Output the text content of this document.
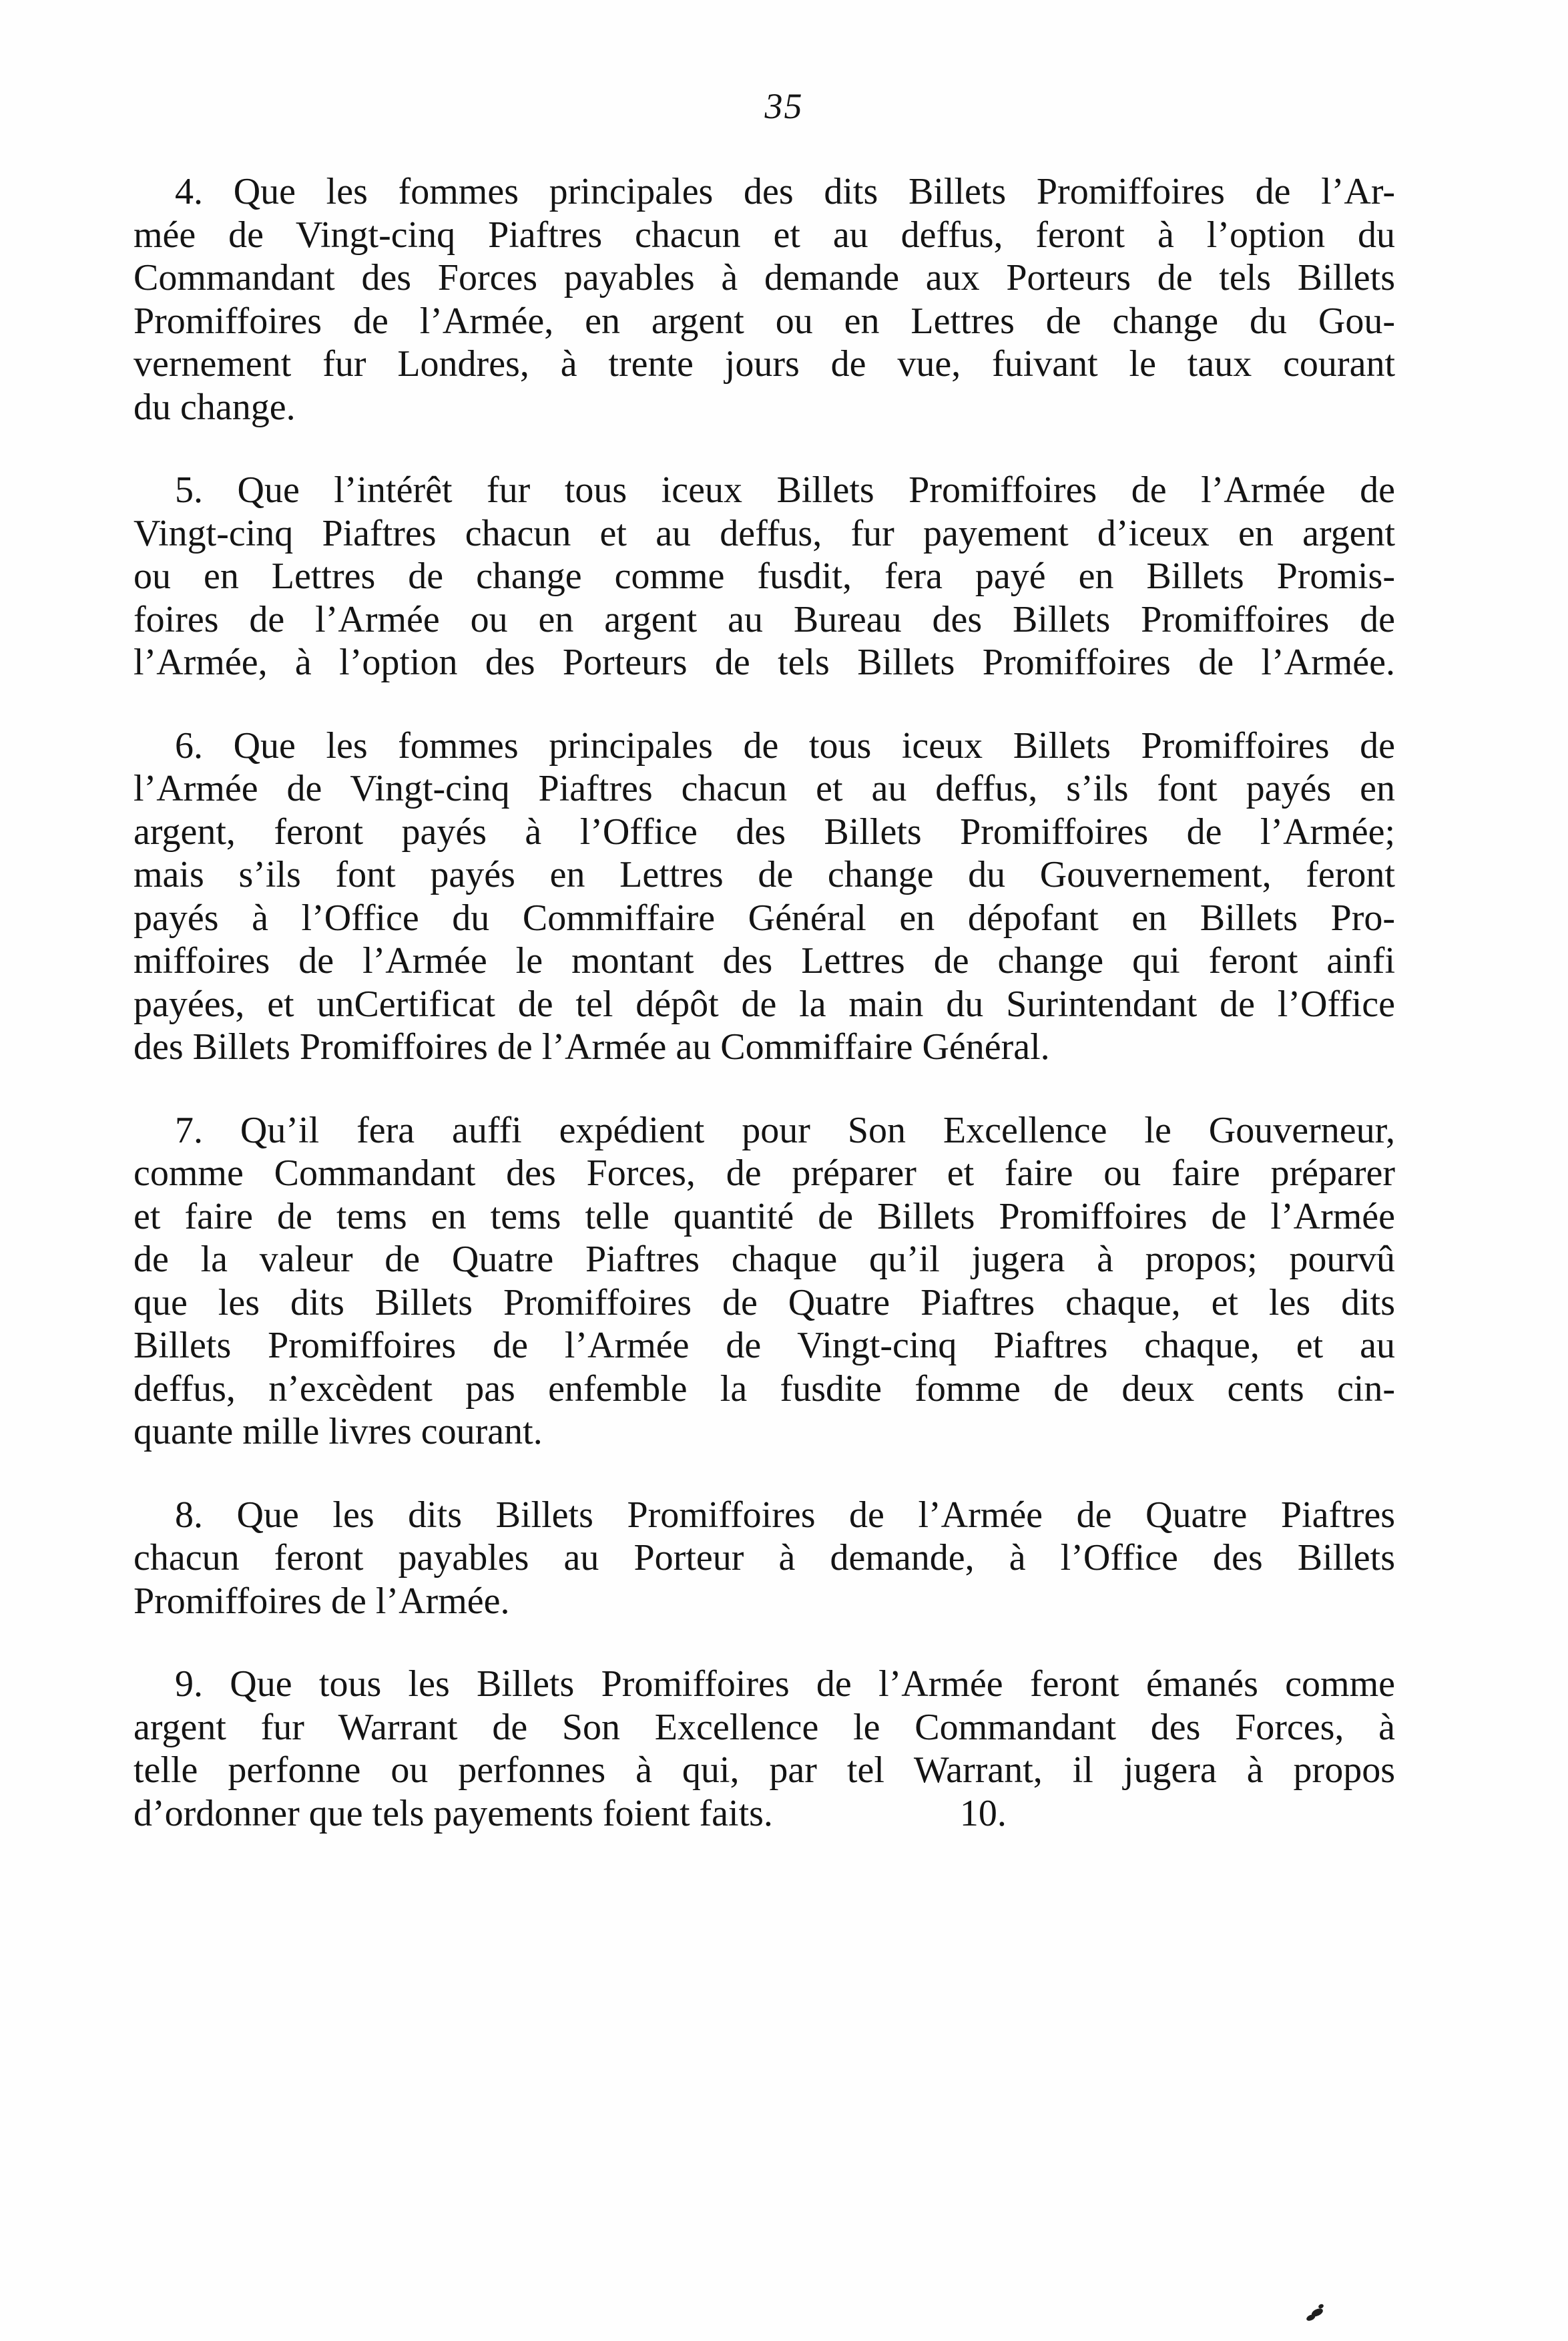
35
4. Que les fommes principales des dits Billets Promiffoires de l’Ar-
mée de Vingt-cinq Piaftres chacun et au deffus, feront à l’option du
Commandant des Forces payables à demande aux Porteurs de tels Billets
Promiffoires de l’Armée, en argent ou en Lettres de change du Gou-
vernement fur Londres, à trente jours de vue, fuivant le taux courant
du change.
5. Que l’intérêt fur tous iceux Billets Promiffoires de l’Armée de
Vingt-cinq Piaftres chacun et au deffus, fur payement d’iceux en argent
ou en Lettres de change comme fusdit, fera payé en Billets Promis-
foires de l’Armée ou en argent au Bureau des Billets Promiffoires de
l’Armée, à l’option des Porteurs de tels Billets Promiffoires de l’Armée.
6. Que les fommes principales de tous iceux Billets Promiffoires de
l’Armée de Vingt-cinq Piaftres chacun et au deffus, s’ils font payés en
argent, feront payés à l’Office des Billets Promiffoires de l’Armée;
mais s’ils font payés en Lettres de change du Gouvernement, feront
payés à l’Office du Commiffaire Général en dépofant en Billets Pro-
miffoires de l’Armée le montant des Lettres de change qui feront ainfi
payées, et unCertificat de tel dépôt de la main du Surintendant de l’Office
des Billets Promiffoires de l’Armée au Commiffaire Général.
7. Qu’il fera auffi expédient pour Son Excellence le Gouverneur,
comme Commandant des Forces, de préparer et faire ou faire préparer
et faire de tems en tems telle quantité de Billets Promiffoires de l’Armée
de la valeur de Quatre Piaftres chaque qu’il jugera à propos; pourvû
que les dits Billets Promiffoires de Quatre Piaftres chaque, et les dits
Billets Promiffoires de l’Armée de Vingt-cinq Piaftres chaque, et au
deffus, n’excèdent pas enfemble la fusdite fomme de deux cents cin-
quante mille livres courant.
8. Que les dits Billets Promiffoires de l’Armée de Quatre Piaftres
chacun feront payables au Porteur à demande, à l’Office des Billets
Promiffoires de l’Armée.
9. Que tous les Billets Promiffoires de l’Armée feront émanés comme
argent fur Warrant de Son Excellence le Commandant des Forces, à
telle perfonne ou perfonnes à qui, par tel Warrant, il jugera à propos
d’ordonner que tels payements foient faits.                    10.
